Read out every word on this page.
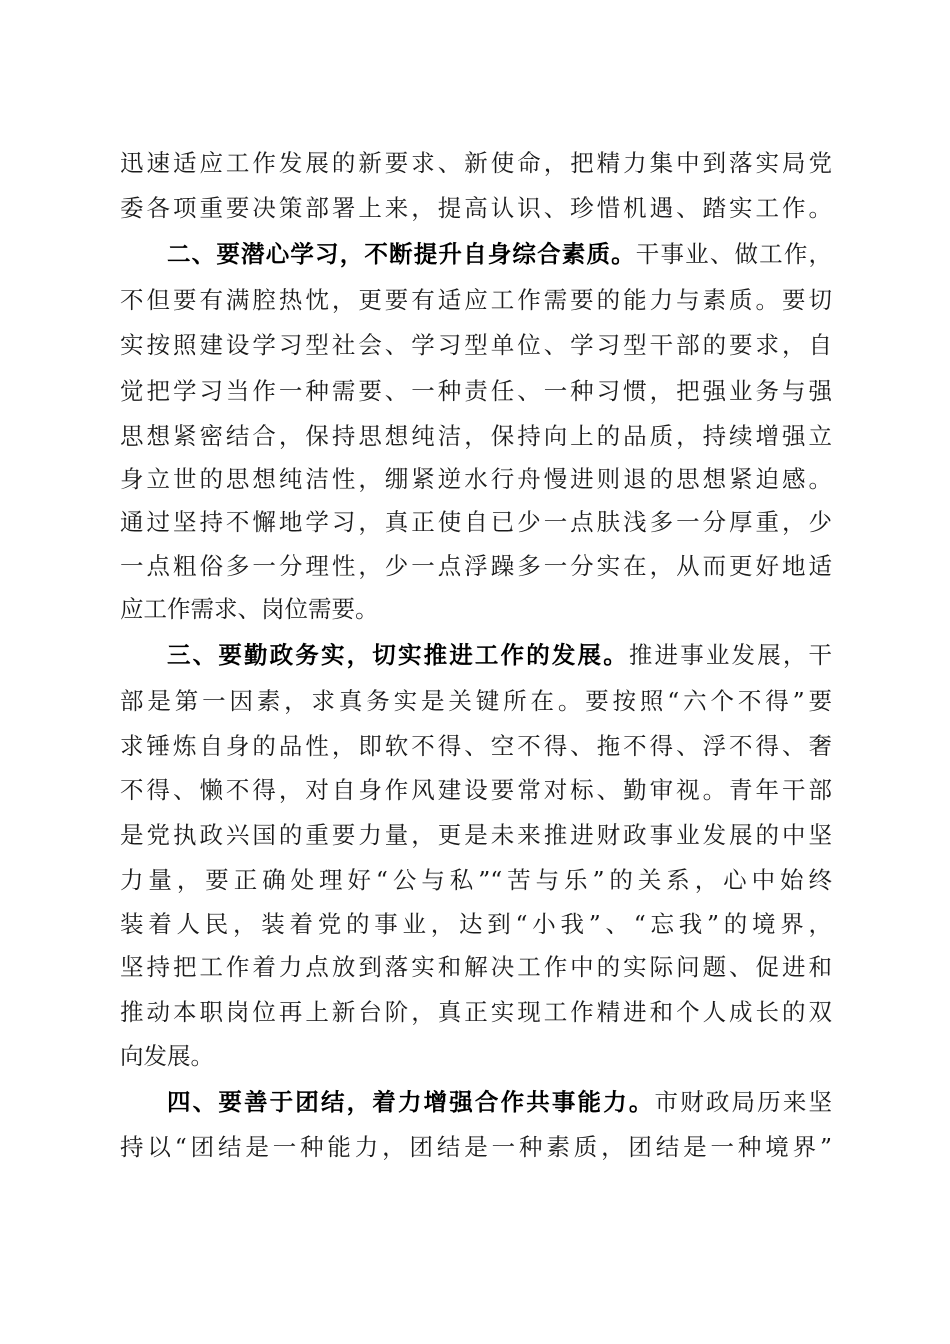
迅速适应工作发展的新要求、新使命，把精力集中到落实局党
委各项重要决策部署上来，提高认识、珍惜机遇、踏实工作。
二、要潜心学习，不断提升自身综合素质。干事业、做工作，
不但要有满腔热忱，更要有适应工作需要的能力与素质。要切
实按照建设学习型社会、学习型单位、学习型干部的要求，自
觉把学习当作一种需要、一种责任、一种习惯，把强业务与强
思想紧密结合，保持思想纯洁，保持向上的品质，持续增强立
身立世的思想纯洁性，绷紧逆水行舟慢进则退的思想紧迫感。
通过坚持不懈地学习，真正使自已少一点肤浅多一分厚重，少
一点粗俗多一分理性，少一点浮躁多一分实在，从而更好地适
应工作需求、岗位需要。
三、要勤政务实，切实推进工作的发展。推进事业发展，干
部是第一因素，求真务实是关键所在。要按照“六个不得”要
求锤炼自身的品性，即软不得、空不得、拖不得、浮不得、奢
不得、懒不得，对自身作风建设要常对标、勤审视。青年干部
是党执政兴国的重要力量，更是未来推进财政事业发展的中坚
力量，要正确处理好“公与私”“苦与乐”的关系，心中始终
装着人民，装着党的事业，达到“小我”、“忘我”的境界，
坚持把工作着力点放到落实和解决工作中的实际问题、促进和
推动本职岗位再上新台阶，真正实现工作精进和个人成长的双
向发展。
四、要善于团结，着力增强合作共事能力。市财政局历来坚
持以“团结是一种能力，团结是一种素质，团结是一种境界”
